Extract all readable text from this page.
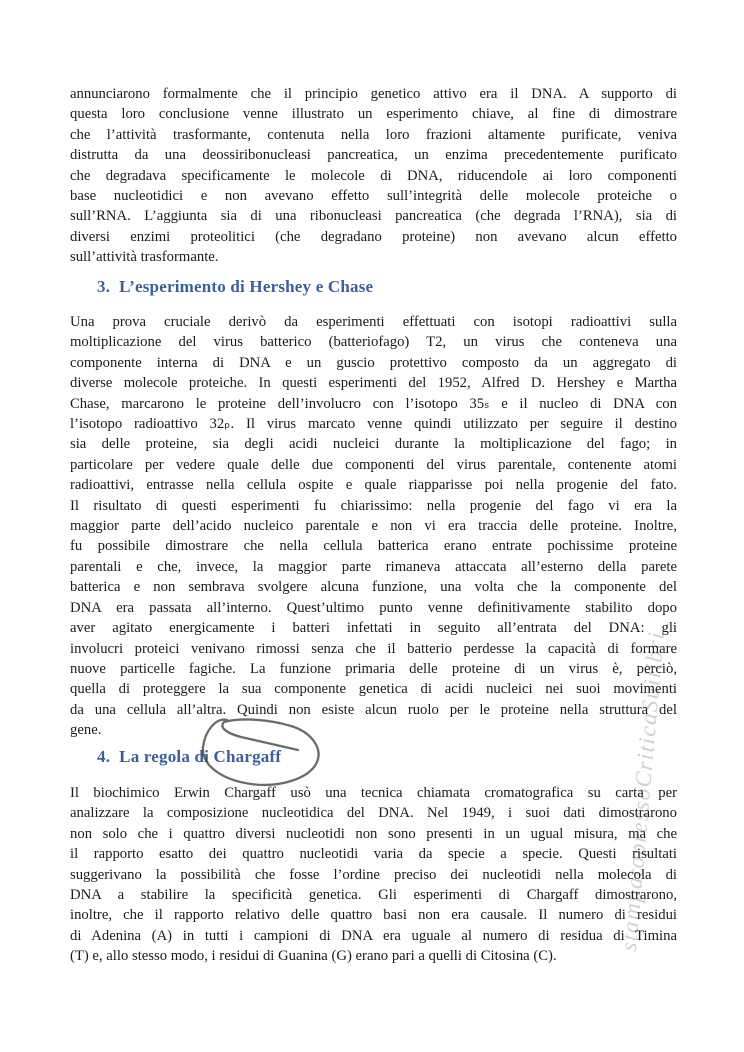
stampatopressoCriticaSuilibri
annunciarono formalmente che il principio genetico attivo era il DNA. A supporto di
questa loro conclusione venne illustrato un esperimento chiave, al fine di dimostrare
che l’attività trasformante, contenuta nella loro frazioni altamente purificate, veniva
distrutta da una deossiribonucleasi pancreatica, un enzima precedentemente purificato
che degradava specificamente le molecole di DNA, riducendole ai loro componenti
base nucleotidici e non avevano effetto sull’integrità delle molecole proteiche o
sull’RNA. L’aggiunta sia di una ribonucleasi pancreatica (che degrada l’RNA), sia di
diversi enzimi proteolitici (che degradano proteine) non avevano alcun effetto
sull’attività trasformante.
3. L’esperimento di Hershey e Chase
Una prova cruciale derivò da esperimenti effettuati con isotopi radioattivi sulla
moltiplicazione del virus batterico (batteriofago) T2, un virus che conteneva una
componente interna di DNA e un guscio protettivo composto da un aggregato di
diverse molecole proteiche. In questi esperimenti del 1952, Alfred D. Hershey e Martha
Chase, marcarono le proteine dell’involucro con l’isotopo 35ₛ e il nucleo di DNA con
l’isotopo radioattivo 32ₚ. Il virus marcato venne quindi utilizzato per seguire il destino
sia delle proteine, sia degli acidi nucleici durante la moltiplicazione del fago; in
particolare per vedere quale delle due componenti del virus parentale, contenente atomi
radioattivi, entrasse nella cellula ospite e quale riapparisse poi nella progenie del fato.
Il risultato di questi esperimenti fu chiarissimo: nella progenie del fago vi era la
maggior parte dell’acido nucleico parentale e non vi era traccia delle proteine. Inoltre,
fu possibile dimostrare che nella cellula batterica erano entrate pochissime proteine
parentali e che, invece, la maggior parte rimaneva attaccata all’esterno della parete
batterica e non sembrava svolgere alcuna funzione, una volta che la componente del
DNA era passata all’interno. Quest’ultimo punto venne definitivamente stabilito dopo
aver agitato energicamente i batteri infettati in seguito all’entrata del DNA: gli
involucri proteici venivano rimossi senza che il batterio perdesse la capacità di formare
nuove particelle fagiche. La funzione primaria delle proteine di un virus è, perciò,
quella di proteggere la sua componente genetica di acidi nucleici nei suoi movimenti
da una cellula all’altra. Quindi non esiste alcun ruolo per le proteine nella struttura del
gene.
4. La regola di Chargaff
Il biochimico Erwin Chargaff usò una tecnica chiamata cromatografica su carta per
analizzare la composizione nucleotidica del DNA. Nel 1949, i suoi dati dimostrarono
non solo che i quattro diversi nucleotidi non sono presenti in un ugual misura, ma che
il rapporto esatto dei quattro nucleotidi varia da specie a specie. Questi risultati
suggerivano la possibilità che fosse l’ordine preciso dei nucleotidi nella molecola di
DNA a stabilire la specificità genetica. Gli esperimenti di Chargaff dimostrarono,
inoltre, che il rapporto relativo delle quattro basi non era causale. Il numero di residui
di Adenina (A) in tutti i campioni di DNA era uguale al numero di residua di Timina
(T) e, allo stesso modo, i residui di Guanina (G) erano pari a quelli di Citosina (C).
